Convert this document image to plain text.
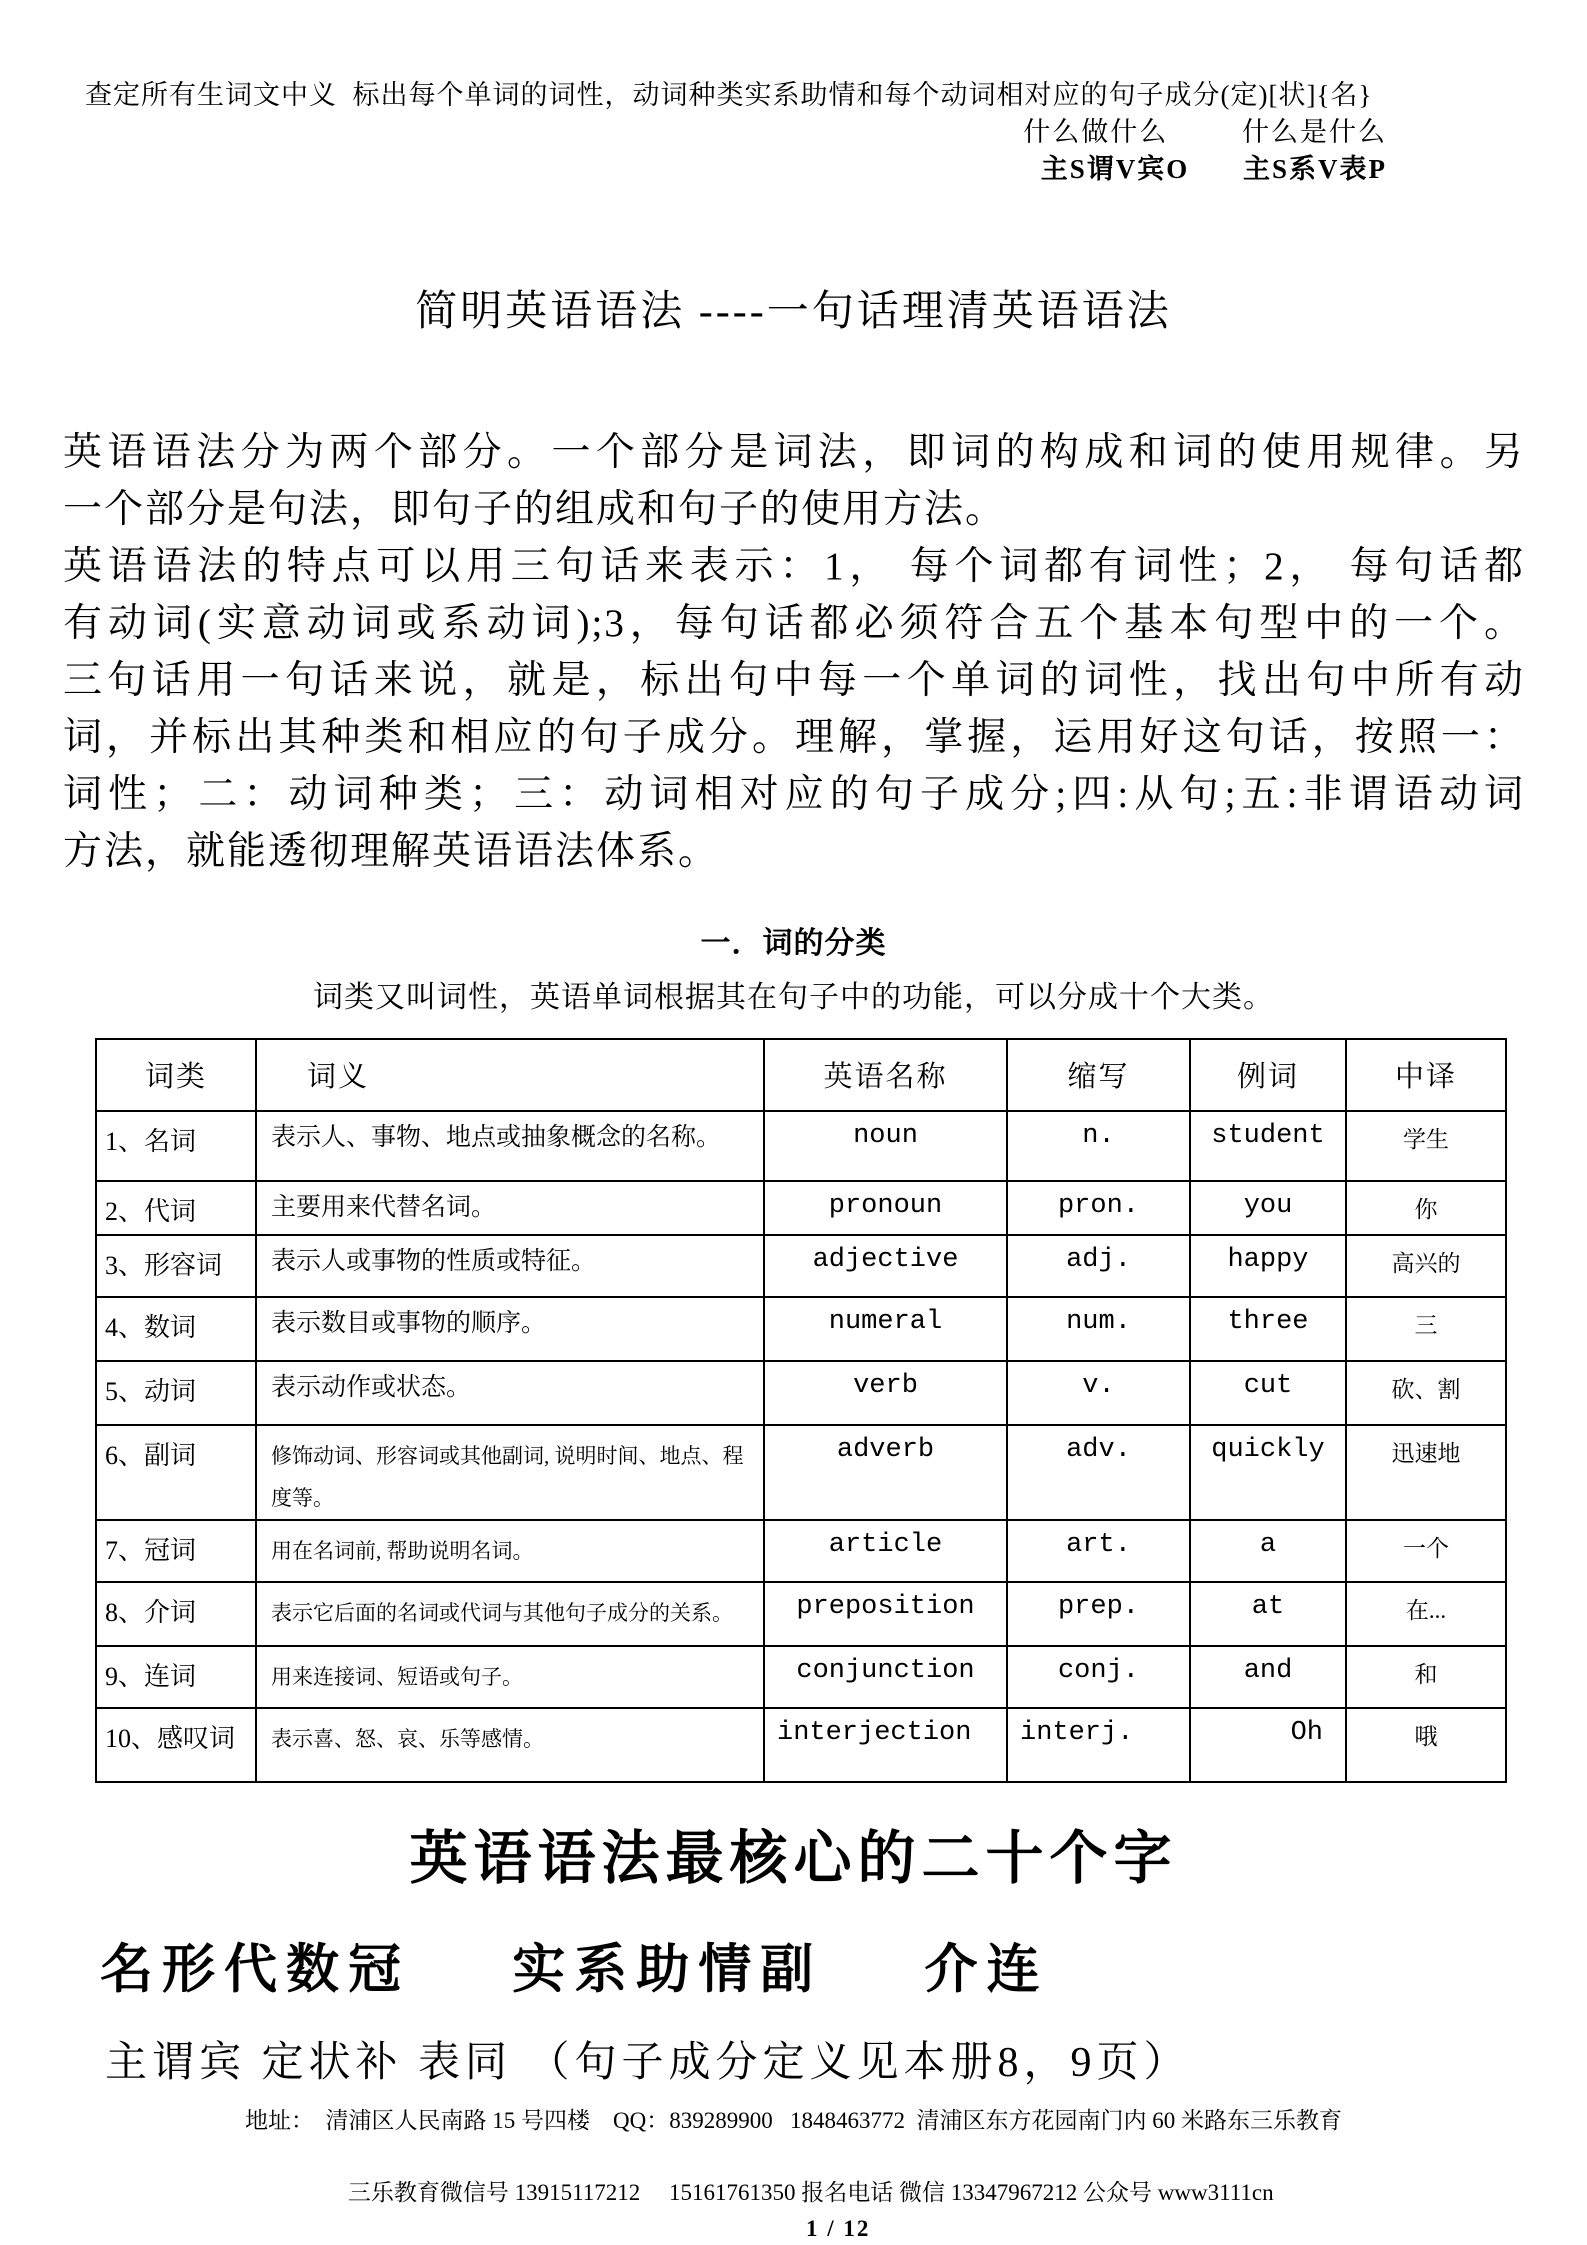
查定所有生词文中义  标出每个单词的词性，动词种类实系助情和每个动词相对应的句子成分(定)[状]{名}
什么做什么	什么是什么
主S谓V宾O 主S系V表P
简明英语语法 ----一句话理清英语语法
英语语法分为两个部分。一个部分是词法，即词的构成和词的使用规律。另
一个部分是句法，即句子的组成和句子的使用方法。
英语语法的特点可以用三句话来表示：1， 每个词都有词性；2， 每句话都
有动词(实意动词或系动词);3，每句话都必须符合五个基本句型中的一个。
三句话用一句话来说，就是，标出句中每一个单词的词性，找出句中所有动
词，并标出其种类和相应的句子成分。理解，掌握，运用好这句话，按照一：
词性；二：动词种类；三：动词相对应的句子成分;四:从句;五:非谓语动词
方法，就能透彻理解英语语法体系。
一．词的分类
词类又叫词性，英语单词根据其在句子中的功能，可以分成十个大类。
词类	词义	英语名称	缩写	例词	中译
1、名词	表示人、事物、地点或抽象概念的名称。	noun	n.	student	学生
2、代词	主要用来代替名词。	pronoun	pron.	you	你
3、形容词	表示人或事物的性质或特征。	adjective	adj.	happy	高兴的
4、数词	表示数目或事物的顺序。	numeral	num.	three	三
5、动词	表示动作或状态。	verb	v.	cut	砍、割
6、副词	修饰动词、形容词或其他副词, 说明时间、地点、程度等。	adverb	adv.	quickly	迅速地
7、冠词	用在名词前, 帮助说明名词。	article	art.	a	一个
8、介词	表示它后面的名词或代词与其他句子成分的关系。	preposition	prep.	at	在...
9、连词	用来连接词、短语或句子。	conjunction	conj.	and	和
10、感叹词	表示喜、怒、哀、乐等感情。	interjection	interj.	Oh	哦
英语语法最核心的二十个字
名形代数冠 实系助情副 介连
主谓宾 定状补 表同 （句子成分定义见本册8，9页）
地址：  清浦区人民南路 15 号四楼    QQ：839289900   1848463772  清浦区东方花园南门内 60 米路东三乐教育

三乐教育微信号 13915117212     15161761350 报名电话 微信 13347967212 公众号 www3111cn
1 / 12
